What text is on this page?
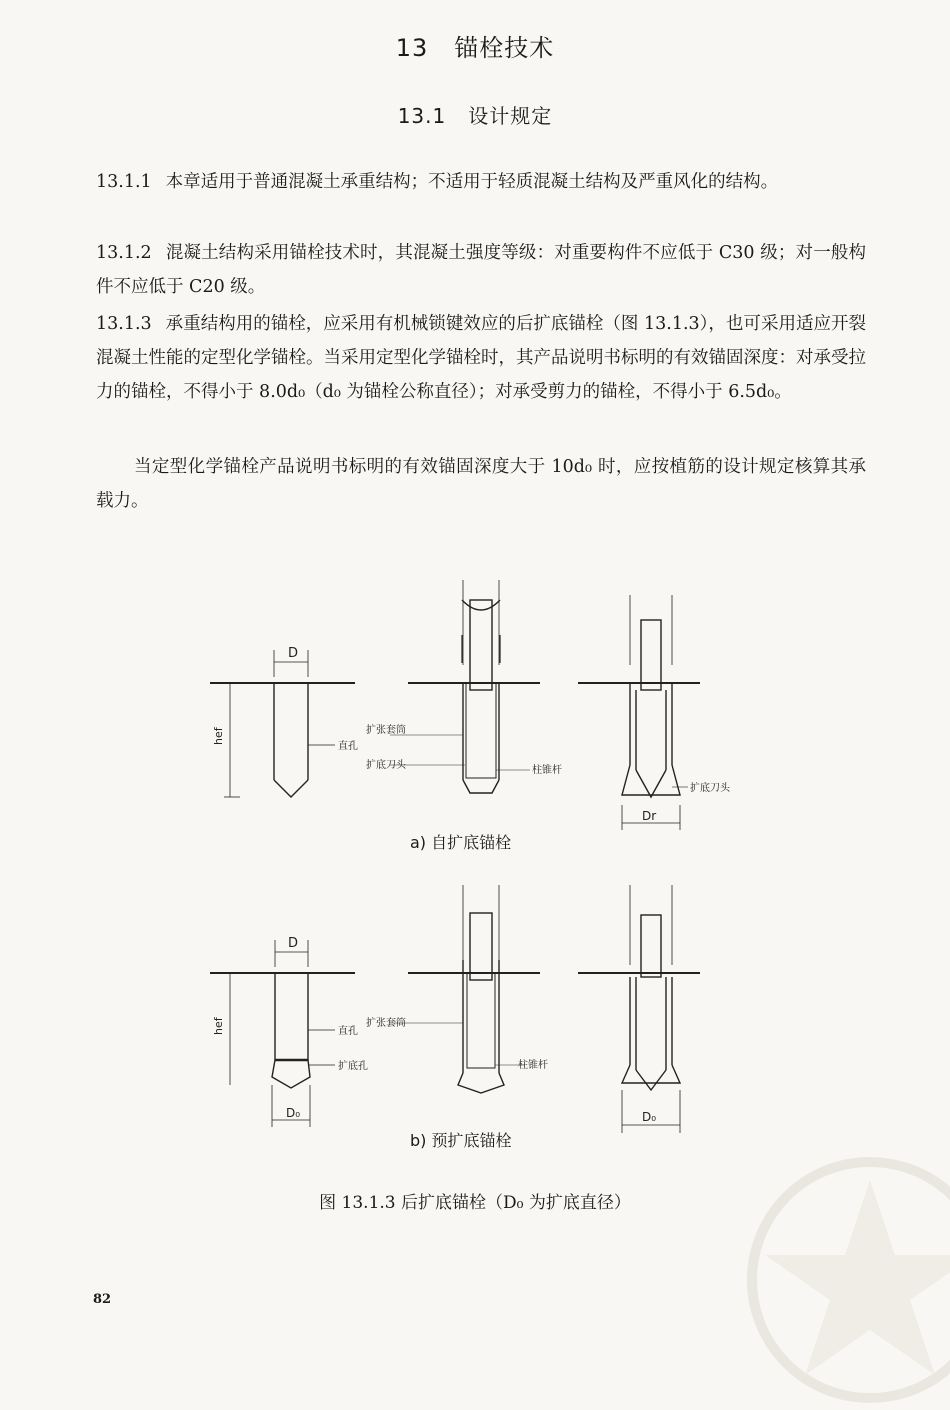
13 锚栓技术
13.1 设计规定

13.1.1 本章适用于普通混凝土承重结构；不适用于轻质混凝土结构及严重风化的结构。

13.1.2 混凝土结构采用锚栓技术时，其混凝土强度等级：对重要构件不应低于 C30 级；对一般构件不应低于 C20 级。

13.1.3 承重结构用的锚栓，应采用有机械锁键效应的后扩底锚栓（图 13.1.3），也可采用适应开裂混凝土性能的定型化学锚栓。当采用定型化学锚栓时，其产品说明书标明的有效锚固深度：对承受拉力的锚栓，不得小于 8.0d₀（d₀ 为锚栓公称直径）；对承受剪力的锚栓，不得小于 6.5d₀。

当定型化学锚栓产品说明书标明的有效锚固深度大于 10d₀ 时，应按植筋的设计规定核算其承载力。

D
hef
直孔
扩张套筒
扩底刀头	柱锥杆
扩底刀头
Dr
D
hef	直孔
扩底孔
D₀
扩张套筒
柱锥杆
D₀
a) 自扩底锚栓
b) 预扩底锚栓
图 13.1.3 后扩底锚栓（D₀ 为扩底直径）
82
